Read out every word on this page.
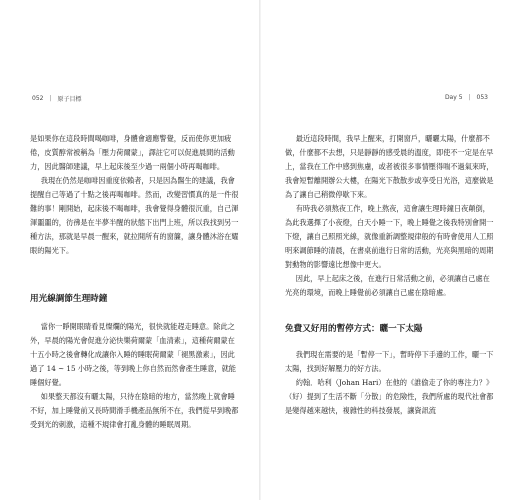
052 | 原子目標

是如果你在這段時間喝咖啡，身體會適應警覺，反而使你更加疲倦，皮質醇常被稱為「壓力荷爾蒙」，譯註它可以促進晨間的活動力，因此醫師建議，早上起床後至少過一兩個小時再喝咖啡。

我現在仍然是咖啡因重度依賴者，只是因為醫生的建議，我會提醒自己等過了十點之後再喝咖啡。然而，改變習慣真的是一件很難的事！剛開始，起床後不喝咖啡，我會覺得身體很沉重，自己渾渾噩噩的，彷彿是在半夢半醒的狀態下出門上班，所以我找到另一種方法，那就是早晨一醒來，就拉開所有的窗簾，讓身體沐浴在耀眼的陽光下。

用光線調節生理時鐘

當你一睜開眼睛看見燦爛的陽光，很快就能趕走睡意。除此之外，早晨的陽光會促進分泌快樂荷爾蒙「血清素」，這種荷爾蒙在十五小時之後會轉化成讓你入睡的睡眠荷爾蒙「褪黑激素」，因此過了 14 ~ 15 小時之後，等到晚上你自然而然會產生睡意，就能睡個好覺。

如果整天都沒有曬太陽，只待在陰暗的地方，當然晚上就會睡不好，加上睡覺前又長時間滑手機產品無所不在，我們從早到晚都受到光的刺激，這種不規律會打亂身體的睡眠周期。

Day 5 | 053

最近這段時間，我早上醒來，打開窗戶，曬曬太陽，什麼都不做，什麼都不去想，只是靜靜的感受晨的溫度，即使不一定是在早上，當我在工作中感到焦慮，或者被很多事情壓得喘不過氣來時，我會短暫離開辦公大樓，在陽光下散散步或享受日光浴，這麼做是為了讓自己稍微停歇下來。

有時我必須熬夜工作，晚上熬夜，這會讓生理時鐘日夜顛倒，為此我選擇了小夜燈，白天小睡一下，晚上睡覺之後我特別會開一下燈，讓自己照照光線，就像重新調整規律般的有時會使用人工照明來調節睡的清晨，在書桌前進行日常的活動，光亮與黑暗的周期對動物的影響遠比想像中更大。

因此，早上起床之後，在進行日常活動之前，必須讓自己處在光亮的環境，而晚上睡覺前必須讓自己處在陰暗處。

免費又好用的暫停方式：曬一下太陽

我們現在需要的是「暫停一下」，暫時停下手邊的工作，曬一下太陽，找到好解壓力的好方法。

約翰．哈利（Johan Hari）在他的《誰偷走了你的專注力？》（好）提到了生活不斷「分散」的危險性，我們所處的現代社會都是變得越來越快，複雜性的科技發展，讓資訊流
